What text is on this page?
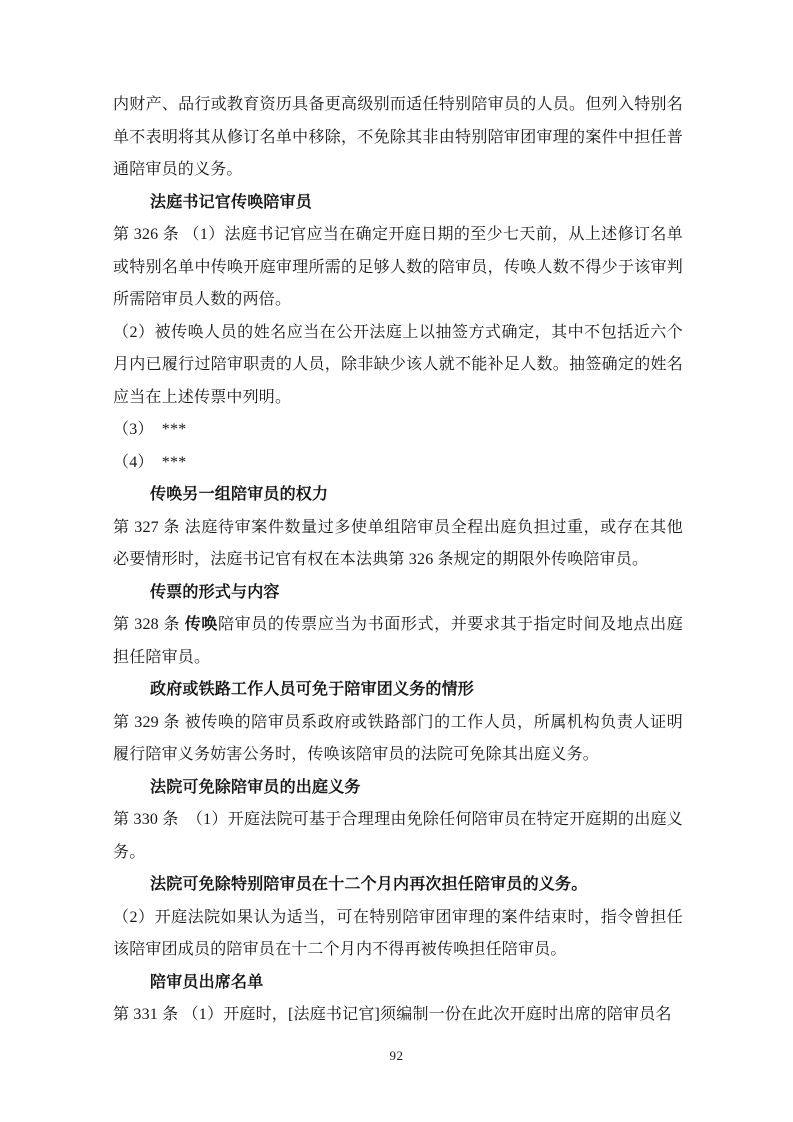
内财产、品行或教育资历具备更高级别而适任特别陪审员的人员。但列入特别名单不表明将其从修订名单中移除，不免除其非由特别陪审团审理的案件中担任普通陪审员的义务。

法庭书记官传唤陪审员

第 326 条 （1）法庭书记官应当在确定开庭日期的至少七天前，从上述修订名单或特别名单中传唤开庭审理所需的足够人数的陪审员，传唤人数不得少于该审判所需陪审员人数的两倍。

（2）被传唤人员的姓名应当在公开法庭上以抽签方式确定，其中不包括近六个月内已履行过陪审职责的人员，除非缺少该人就不能补足人数。抽签确定的姓名应当在上述传票中列明。

（3）　***

（4）　***

传唤另一组陪审员的权力

第 327 条 法庭待审案件数量过多使单组陪审员全程出庭负担过重，或存在其他必要情形时，法庭书记官有权在本法典第 326 条规定的期限外传唤陪审员。

传票的形式与内容

第 328 条 传唤陪审员的传票应当为书面形式，并要求其于指定时间及地点出庭担任陪审员。

政府或铁路工作人员可免于陪审团义务的情形

第 329 条 被传唤的陪审员系政府或铁路部门的工作人员，所属机构负责人证明履行陪审义务妨害公务时，传唤该陪审员的法院可免除其出庭义务。

法院可免除陪审员的出庭义务

第 330 条　（1）开庭法院可基于合理理由免除任何陪审员在特定开庭期的出庭义务。

法院可免除特别陪审员在十二个月内再次担任陪审员的义务。

（2）开庭法院如果认为适当，可在特别陪审团审理的案件结束时，指令曾担任该陪审团成员的陪审员在十二个月内不得再被传唤担任陪审员。

陪审员出席名单

第 331 条 （1）开庭时，[法庭书记官]须编制一份在此次开庭时出席的陪审员名

92
